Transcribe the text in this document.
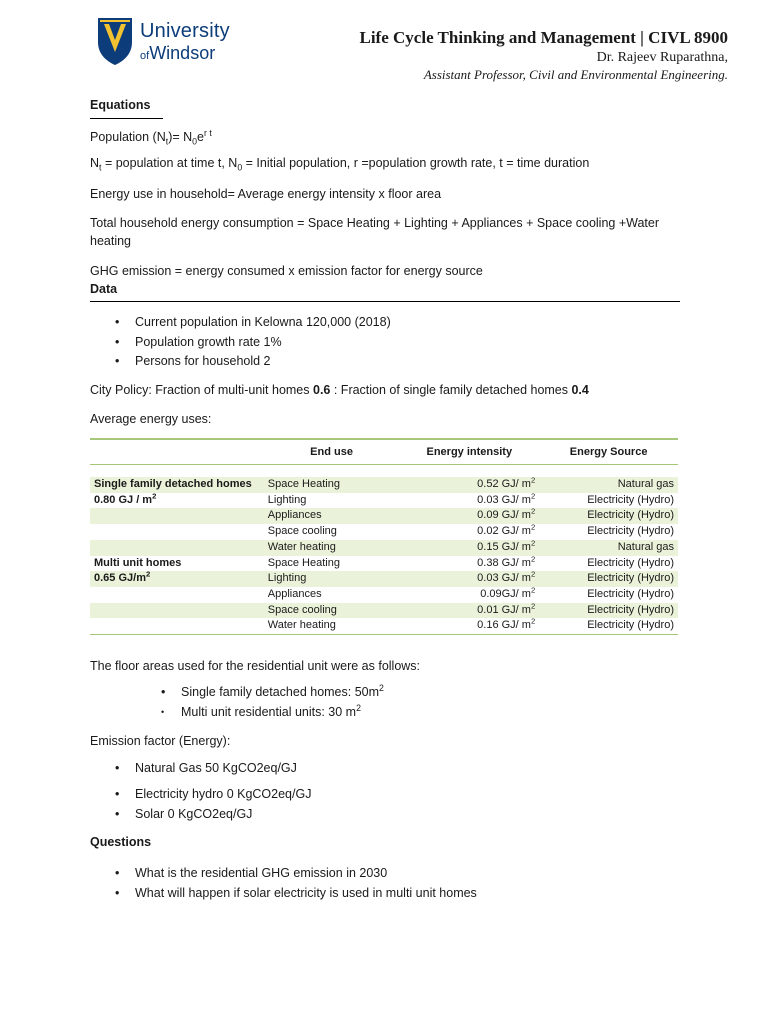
University
ofWindsor
Life Cycle Thinking and Management | CIVL 8900
Dr. Rajeev Ruparathna,
Assistant Professor, Civil and Environmental Engineering.
Equations
Population $(N_t)= N_0e^{r t}$
$N_t$ = population at time t, $N_0$ = Initial population, r =population growth rate, t = time duration
Energy use in household= Average energy intensity x floor area
Total household energy consumption = Space Heating + Lighting + Appliances + Space cooling +Water heating
GHG emission = energy consumed x emission factor for energy source
Data
• Current population in Kelowna 120,000 (2018)
• Population growth rate 1%
• Persons for household 2
City Policy: Fraction of multi-unit homes 0.6 : Fraction of single family detached homes 0.4
Average energy uses:
	End use	Energy intensity	Energy Source

Single family detached homes	Space Heating	0.52 GJ/ $m^2$	Natural gas
0.80 GJ / $m^2$	Lighting	0.03 GJ/ $m^2$	Electricity (Hydro)
	Appliances	0.09 GJ/ $m^2$	Electricity (Hydro)
	Space cooling	0.02 GJ/ $m^2$	Electricity (Hydro)
	Water heating	0.15 GJ/ $m^2$	Natural gas
Multi unit homes	Space Heating	0.38 GJ/ $m^2$	Electricity (Hydro)
0.65 $GJ/m^2$	Lighting	0.03 GJ/ $m^2$	Electricity (Hydro)
	Appliances	0.09GJ/ $m^2$	Electricity (Hydro)
	Space cooling	0.01 GJ/ $m^2$	Electricity (Hydro)
	Water heating	0.16 GJ/ $m^2$	Electricity (Hydro)
The floor areas used for the residential unit were as follows:
• Single family detached homes: $50m^2$
• Multi unit residential units: 30 $m^2$
Emission factor (Energy):
• Natural Gas 50 KgCO2eq/GJ
• Electricity hydro 0 KgCO2eq/GJ
• Solar 0 KgCO2eq/GJ
Questions
• What is the residential GHG emission in 2030
• What will happen if solar electricity is used in multi unit homes
